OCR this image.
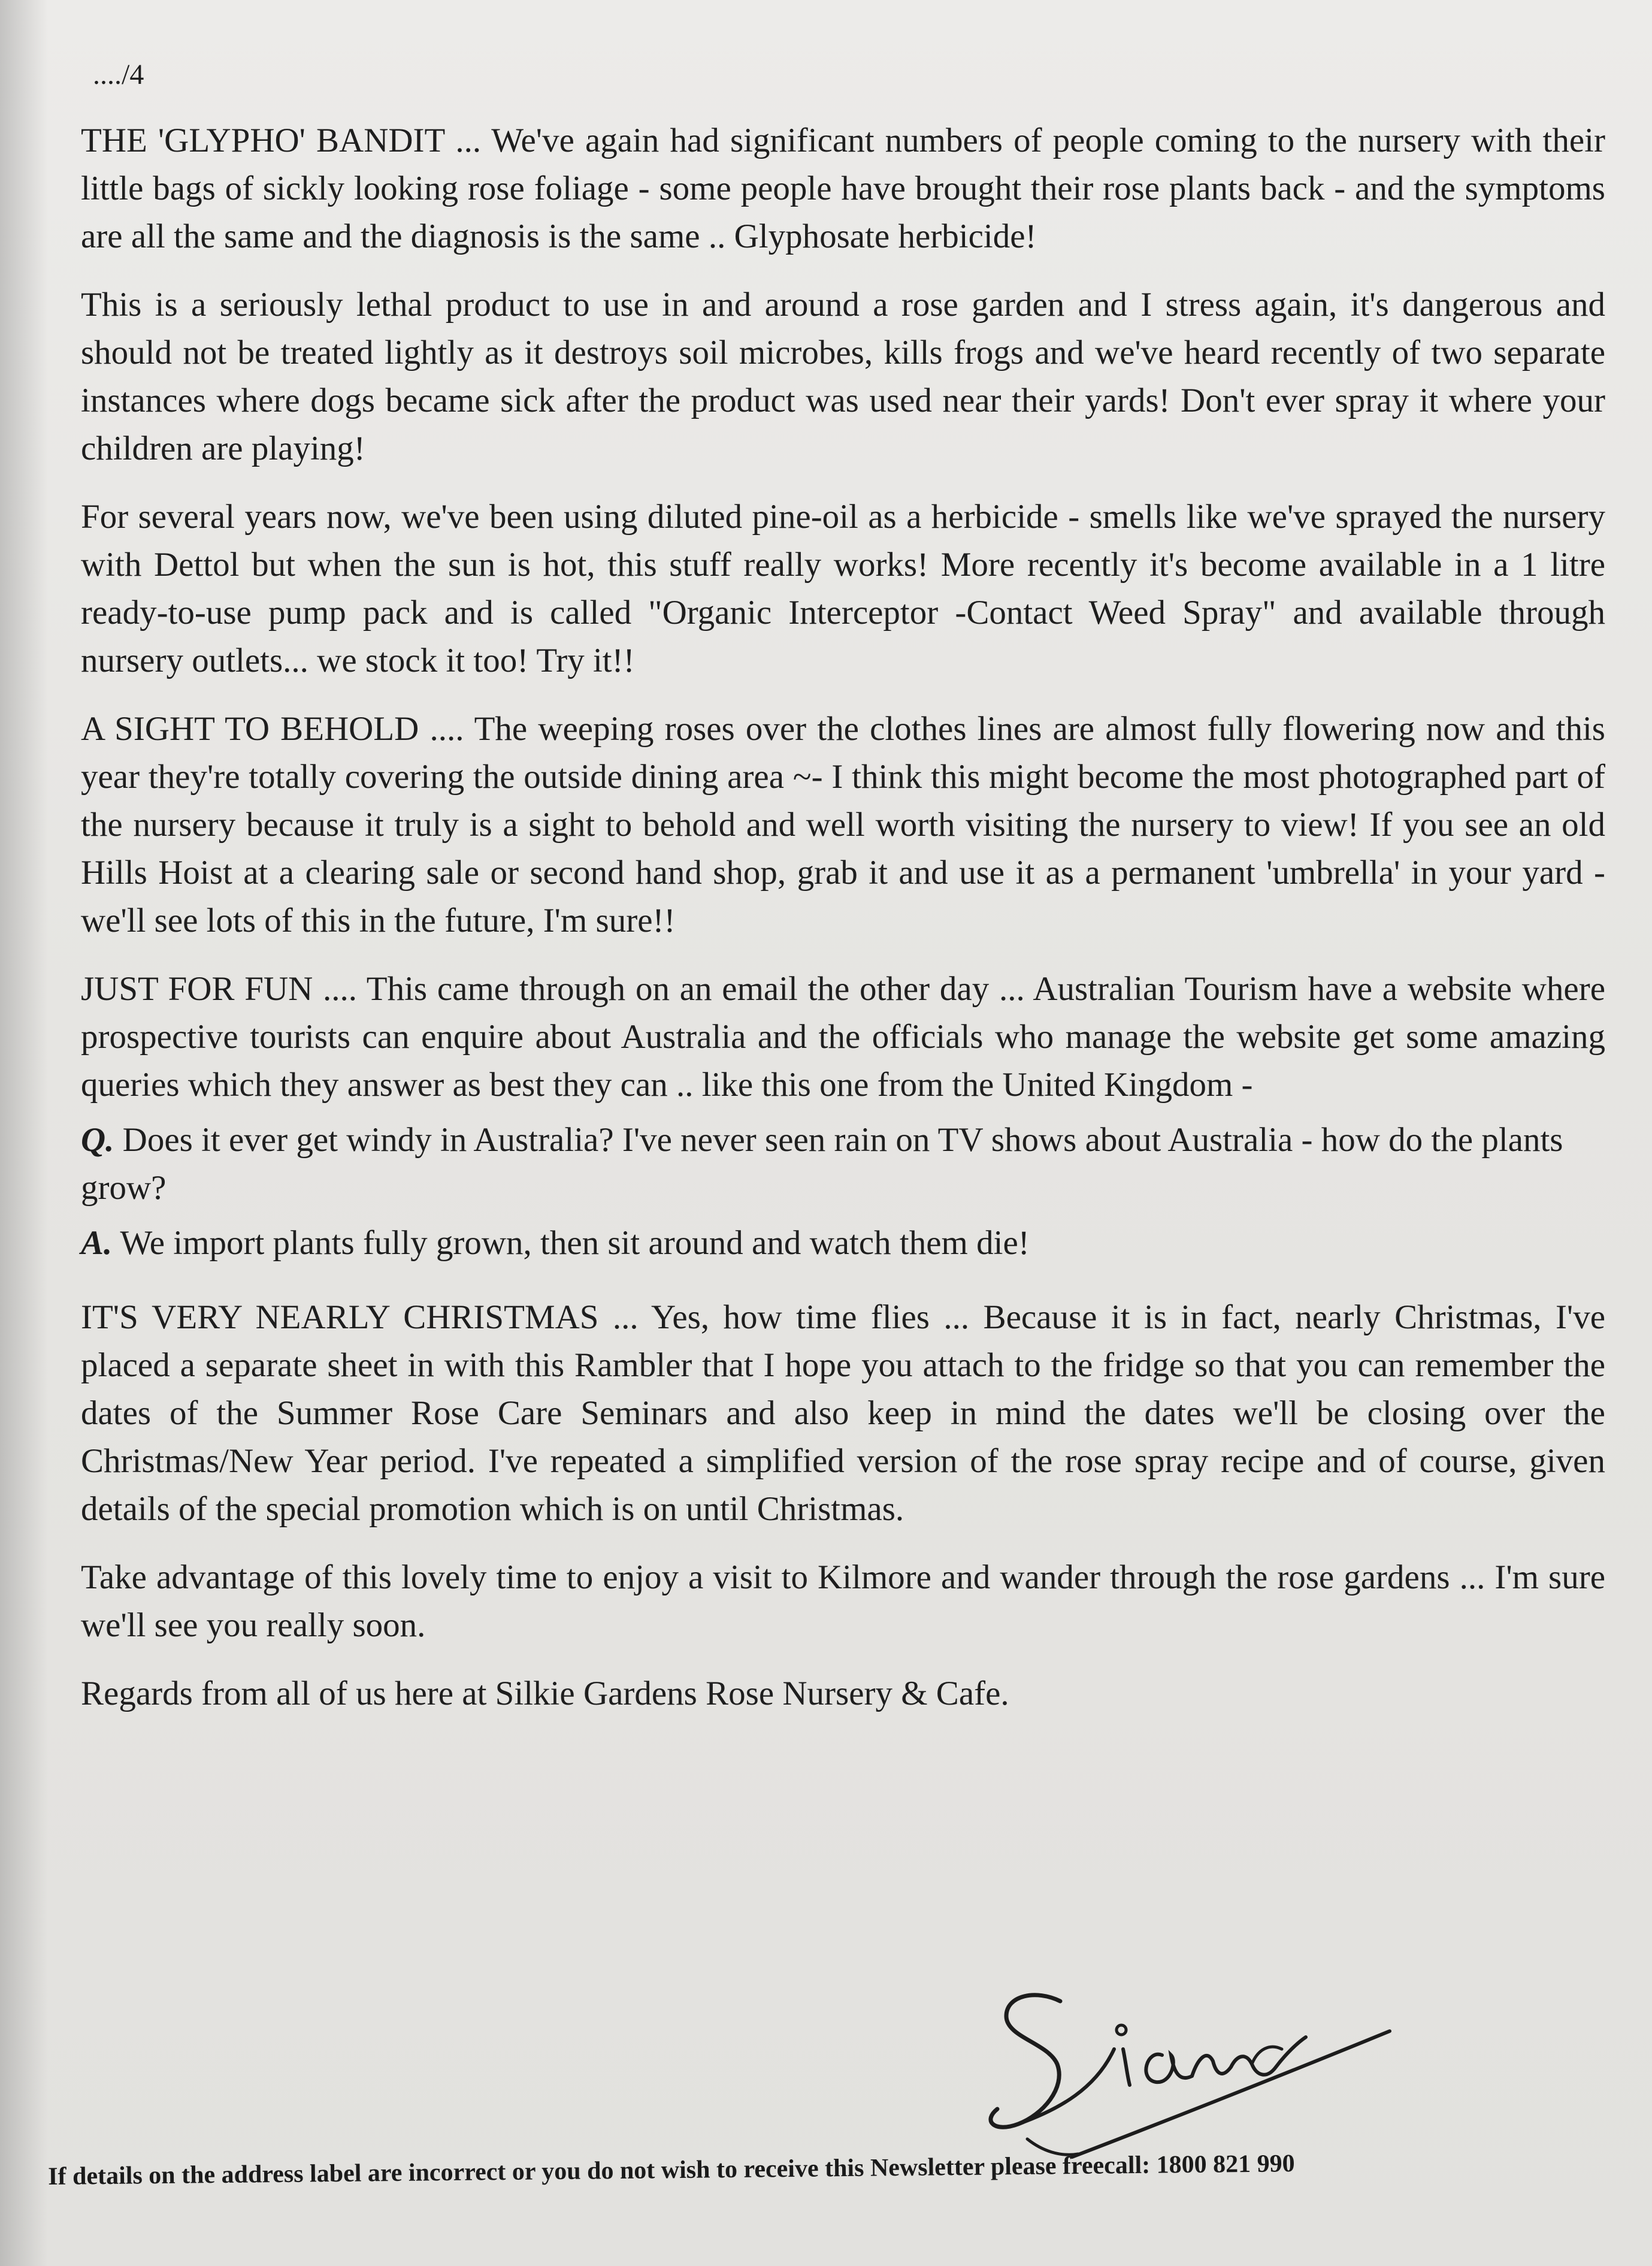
..../4

THE 'GLYPHO' BANDIT ... We've again had significant numbers of people coming to the nursery with their little bags of sickly looking rose foliage - some people have brought their rose plants back - and the symptoms are all the same and the diagnosis is the same .. Glyphosate herbicide!

This is a seriously lethal product to use in and around a rose garden and I stress again, it's dangerous and should not be treated lightly as it destroys soil microbes, kills frogs and we've heard recently of two separate instances where dogs became sick after the product was used near their yards! Don't ever spray it where your children are playing!

For several years now, we've been using diluted pine-oil as a herbicide - smells like we've sprayed the nursery with Dettol but when the sun is hot, this stuff really works! More recently it's become available in a 1 litre ready-to-use pump pack and is called "Organic Interceptor -Contact Weed Spray" and available through nursery outlets... we stock it too! Try it!!

A SIGHT TO BEHOLD .... The weeping roses over the clothes lines are almost fully flowering now and this year they're totally covering the outside dining area ~- I think this might become the most photographed part of the nursery because it truly is a sight to behold and well worth visiting the nursery to view! If you see an old Hills Hoist at a clearing sale or second hand shop, grab it and use it as a permanent 'umbrella' in your yard - we'll see lots of this in the future, I'm sure!!

JUST FOR FUN .... This came through on an email the other day ... Australian Tourism have a website where prospective tourists can enquire about Australia and the officials who manage the website get some amazing queries which they answer as best they can .. like this one from the United Kingdom -

Q. Does it ever get windy in Australia? I've never seen rain on TV shows about Australia - how do the plants grow?

A. We import plants fully grown, then sit around and watch them die!

IT'S VERY NEARLY CHRISTMAS ... Yes, how time flies ... Because it is in fact, nearly Christmas, I've placed a separate sheet in with this Rambler that I hope you attach to the fridge so that you can remember the dates of the Summer Rose Care Seminars and also keep in mind the dates we'll be closing over the Christmas/New Year period. I've repeated a simplified version of the rose spray recipe and of course, given details of the special promotion which is on until Christmas.

Take advantage of this lovely time to enjoy a visit to Kilmore and wander through the rose gardens ... I'm sure we'll see you really soon.

Regards from all of us here at Silkie Gardens Rose Nursery & Cafe.

If details on the address label are incorrect or you do not wish to receive this Newsletter please freecall: 1800 821 990
